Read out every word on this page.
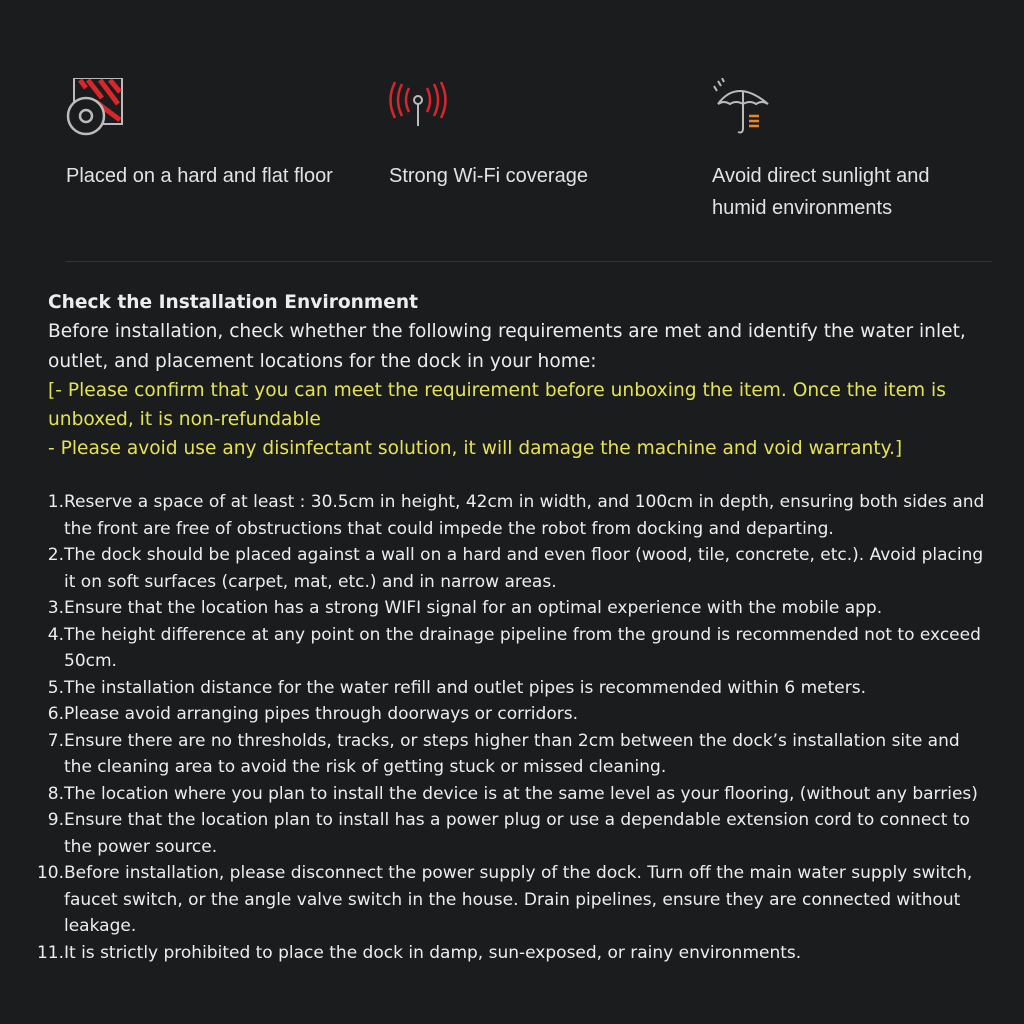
Placed on a hard and flat floor	Strong Wi-Fi coverage	Avoid direct sunlight and humid environments
Check the Installation Environment

Before installation, check whether the following requirements are met and identify the water inlet, outlet, and placement locations for the dock in your home:

[- Please confirm that you can meet the requirement before unboxing the item. Once the item is unboxed, it is non-refundable

- Please avoid use any disinfectant solution, it will damage the machine and void warranty.]

1. Reserve a space of at least : 30.5cm in height, 42cm in width, and 100cm in depth, ensuring both sides and the front are free of obstructions that could impede the robot from docking and departing.
2. The dock should be placed against a wall on a hard and even floor (wood, tile, concrete, etc.). Avoid placing it on soft surfaces (carpet, mat, etc.) and in narrow areas.
3. Ensure that the location has a strong WIFI signal for an optimal experience with the mobile app.
4. The height difference at any point on the drainage pipeline from the ground is recommended not to exceed 50cm.
5. The installation distance for the water refill and outlet pipes is recommended within 6 meters.
6. Please avoid arranging pipes through doorways or corridors.
7. Ensure there are no thresholds, tracks, or steps higher than 2cm between the dock’s installation site and the cleaning area to avoid the risk of getting stuck or missed cleaning.
8. The location where you plan to install the device is at the same level as your flooring, (without any barries)
9. Ensure that the location plan to install has a power plug or use a dependable extension cord to connect to the power source.
10. Before installation, please disconnect the power supply of the dock. Turn off the main water supply switch, faucet switch, or the angle valve switch in the house. Drain pipelines, ensure they are connected without leakage.
11. It is strictly prohibited to place the dock in damp, sun-exposed, or rainy environments.
